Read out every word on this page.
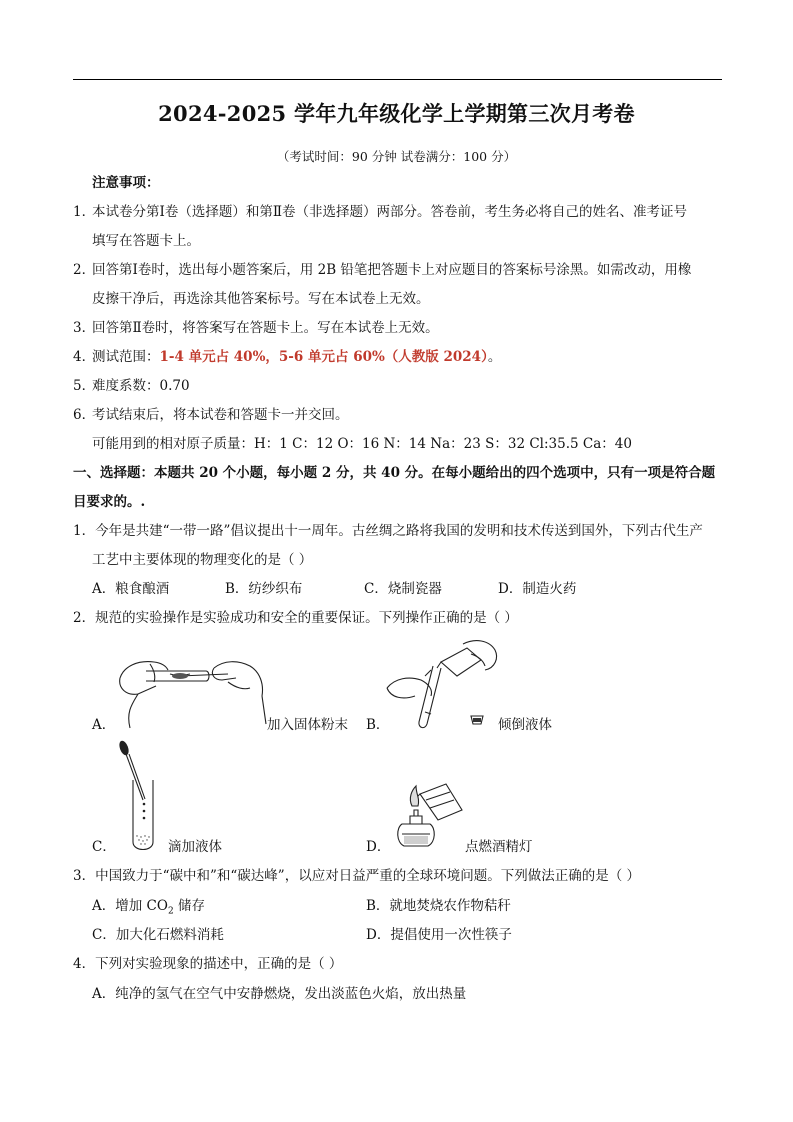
2024-2025 学年九年级化学上学期第三次月考卷
（考试时间：90 分钟 试卷满分：100 分）
注意事项：
1．
本试卷分第Ⅰ卷（选择题）和第Ⅱ卷（非选择题）两部分。答卷前，考生务必将自己的姓名、准考证号
填写在答题卡上。
2．
回答第Ⅰ卷时，选出每小题答案后，用 2B 铅笔把答题卡上对应题目的答案标号涂黑。如需改动，用橡
皮擦干净后，再选涂其他答案标号。写在本试卷上无效。
3．
回答第Ⅱ卷时，将答案写在答题卡上。写在本试卷上无效。
4．
测试范围：1-4 单元占 40%，5-6 单元占 60%（人教版 2024）。
5．
难度系数：0.70
6．
考试结束后，将本试卷和答题卡一并交回。
可能用到的相对原子质量：H：1 C：12 O：16 N：14 Na：23 S：32 Cl:35.5 Ca：40
一、选择题：本题共 20 个小题，每小题 2 分，共 40 分。在每小题给出的四个选项中，只有一项是符合题
目要求的。.
1．今年是共建“一带一路”倡议提出十一周年。古丝绸之路将我国的发明和技术传送到国外，下列古代生产
工艺中主要体现的物理变化的是（ ）
A．粮食酿酒	B．纺纱织布	C．烧制瓷器	D．制造火药
2．规范的实验操作是实验成功和安全的重要保证。下列操作正确的是（ ）
A．	加入固体粉末 B．	倾倒液体
C．	滴加液体	D．	点燃酒精灯
3．中国致力于“碳中和”和“碳达峰”，以应对日益严重的全球环境问题。下列做法正确的是（ ）
A．增加 $CO_2$ 储存	B．就地焚烧农作物秸秆
C．加大化石燃料消耗	D．提倡使用一次性筷子
4．下列对实验现象的描述中，正确的是（ ）
A．纯净的氢气在空气中安静燃烧，发出淡蓝色火焰，放出热量
